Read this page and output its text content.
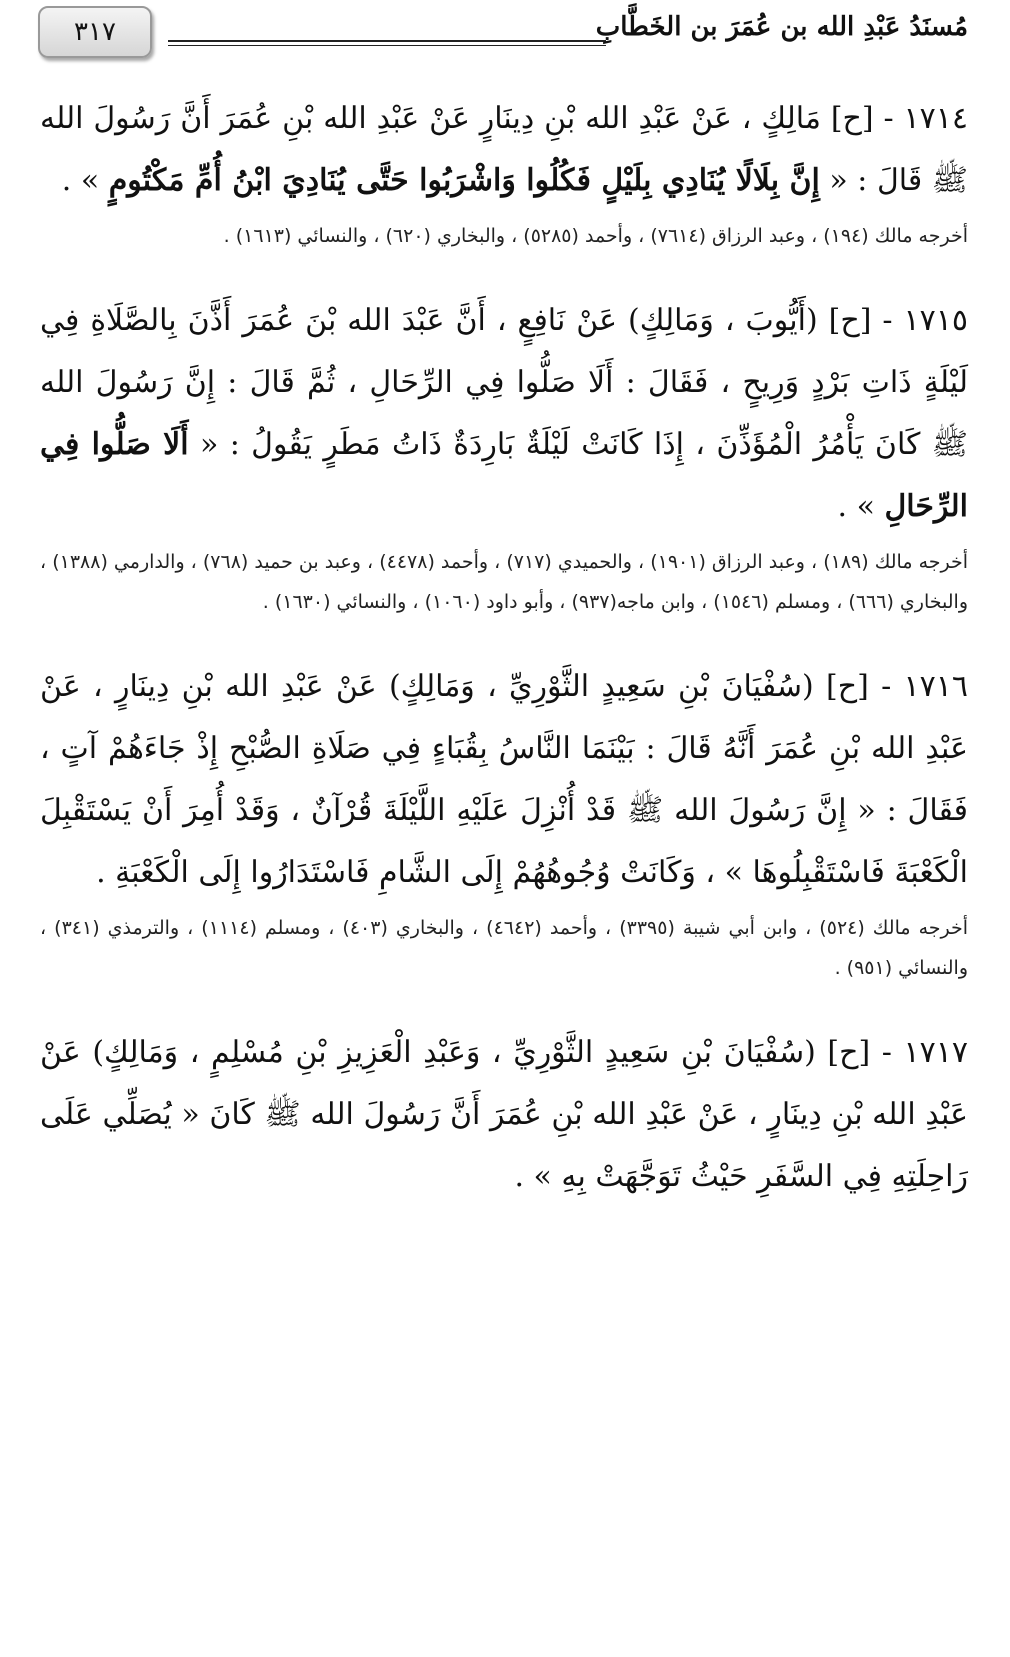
٣١٧	مُسنَدُ عَبْدِ الله بن عُمَرَ بن الخَطَّابِ

١٧١٤ - [ح] مَالِكٍ ، عَنْ عَبْدِ الله بْنِ دِينَارٍ عَنْ عَبْدِ الله بْنِ عُمَرَ أَنَّ رَسُولَ الله ﷺ قَالَ : « إِنَّ بِلَالًا يُنَادِي بِلَيْلٍ فَكُلُوا وَاشْرَبُوا حَتَّى يُنَادِيَ ابْنُ أُمِّ مَكْتُومٍ » .

أخرجه مالك (١٩٤) ، وعبد الرزاق (٧٦١٤) ، وأحمد (٥٢٨٥) ، والبخاري (٦٢٠) ، والنسائي (١٦١٣) .

١٧١٥ - [ح] (أَيُّوبَ ، وَمَالِكٍ) عَنْ نَافِعٍ ، أَنَّ عَبْدَ الله بْنَ عُمَرَ أَذَّنَ بِالصَّلَاةِ فِي لَيْلَةٍ ذَاتِ بَرْدٍ وَرِيحٍ ، فَقَالَ : أَلَا صَلُّوا فِي الرِّحَالِ ، ثُمَّ قَالَ : إِنَّ رَسُولَ الله ﷺ كَانَ يَأْمُرُ الْمُؤَذِّنَ ، إِذَا كَانَتْ لَيْلَةٌ بَارِدَةٌ ذَاتُ مَطَرٍ يَقُولُ : « أَلَا صَلُّوا فِي الرِّحَالِ » .

أخرجه مالك (١٨٩) ، وعبد الرزاق (١٩٠١) ، والحميدي (٧١٧) ، وأحمد (٤٤٧٨) ، وعبد بن حميد (٧٦٨) ، والدارمي (١٣٨٨) ، والبخاري (٦٦٦) ، ومسلم (١٥٤٦) ، وابن ماجه(٩٣٧) ، وأبو داود (١٠٦٠) ، والنسائي (١٦٣٠) .

١٧١٦ - [ح] (سُفْيَانَ بْنِ سَعِيدٍ الثَّوْرِيِّ ، وَمَالِكٍ) عَنْ عَبْدِ الله بْنِ دِينَارٍ ، عَنْ عَبْدِ الله بْنِ عُمَرَ أَنَّهُ قَالَ : بَيْنَمَا النَّاسُ بِقُبَاءٍ فِي صَلَاةِ الصُّبْحِ إِذْ جَاءَهُمْ آتٍ ، فَقَالَ : « إِنَّ رَسُولَ الله ﷺ قَدْ أُنْزِلَ عَلَيْهِ اللَّيْلَةَ قُرْآنٌ ، وَقَدْ أُمِرَ أَنْ يَسْتَقْبِلَ الْكَعْبَةَ فَاسْتَقْبِلُوهَا » ، وَكَانَتْ وُجُوهُهُمْ إِلَى الشَّامِ فَاسْتَدَارُوا إِلَى الْكَعْبَةِ .

أخرجه مالك (٥٢٤) ، وابن أبي شيبة (٣٣٩٥) ، وأحمد (٤٦٤٢) ، والبخاري (٤٠٣) ، ومسلم (١١١٤) ، والترمذي (٣٤١) ، والنسائي (٩٥١) .

١٧١٧ - [ح] (سُفْيَانَ بْنِ سَعِيدٍ الثَّوْرِيِّ ، وَعَبْدِ الْعَزِيزِ بْنِ مُسْلِمٍ ، وَمَالِكٍ) عَنْ عَبْدِ الله بْنِ دِينَارٍ ، عَنْ عَبْدِ الله بْنِ عُمَرَ أَنَّ رَسُولَ الله ﷺ كَانَ « يُصَلِّي عَلَى رَاحِلَتِهِ فِي السَّفَرِ حَيْثُ تَوَجَّهَتْ بِهِ » .
